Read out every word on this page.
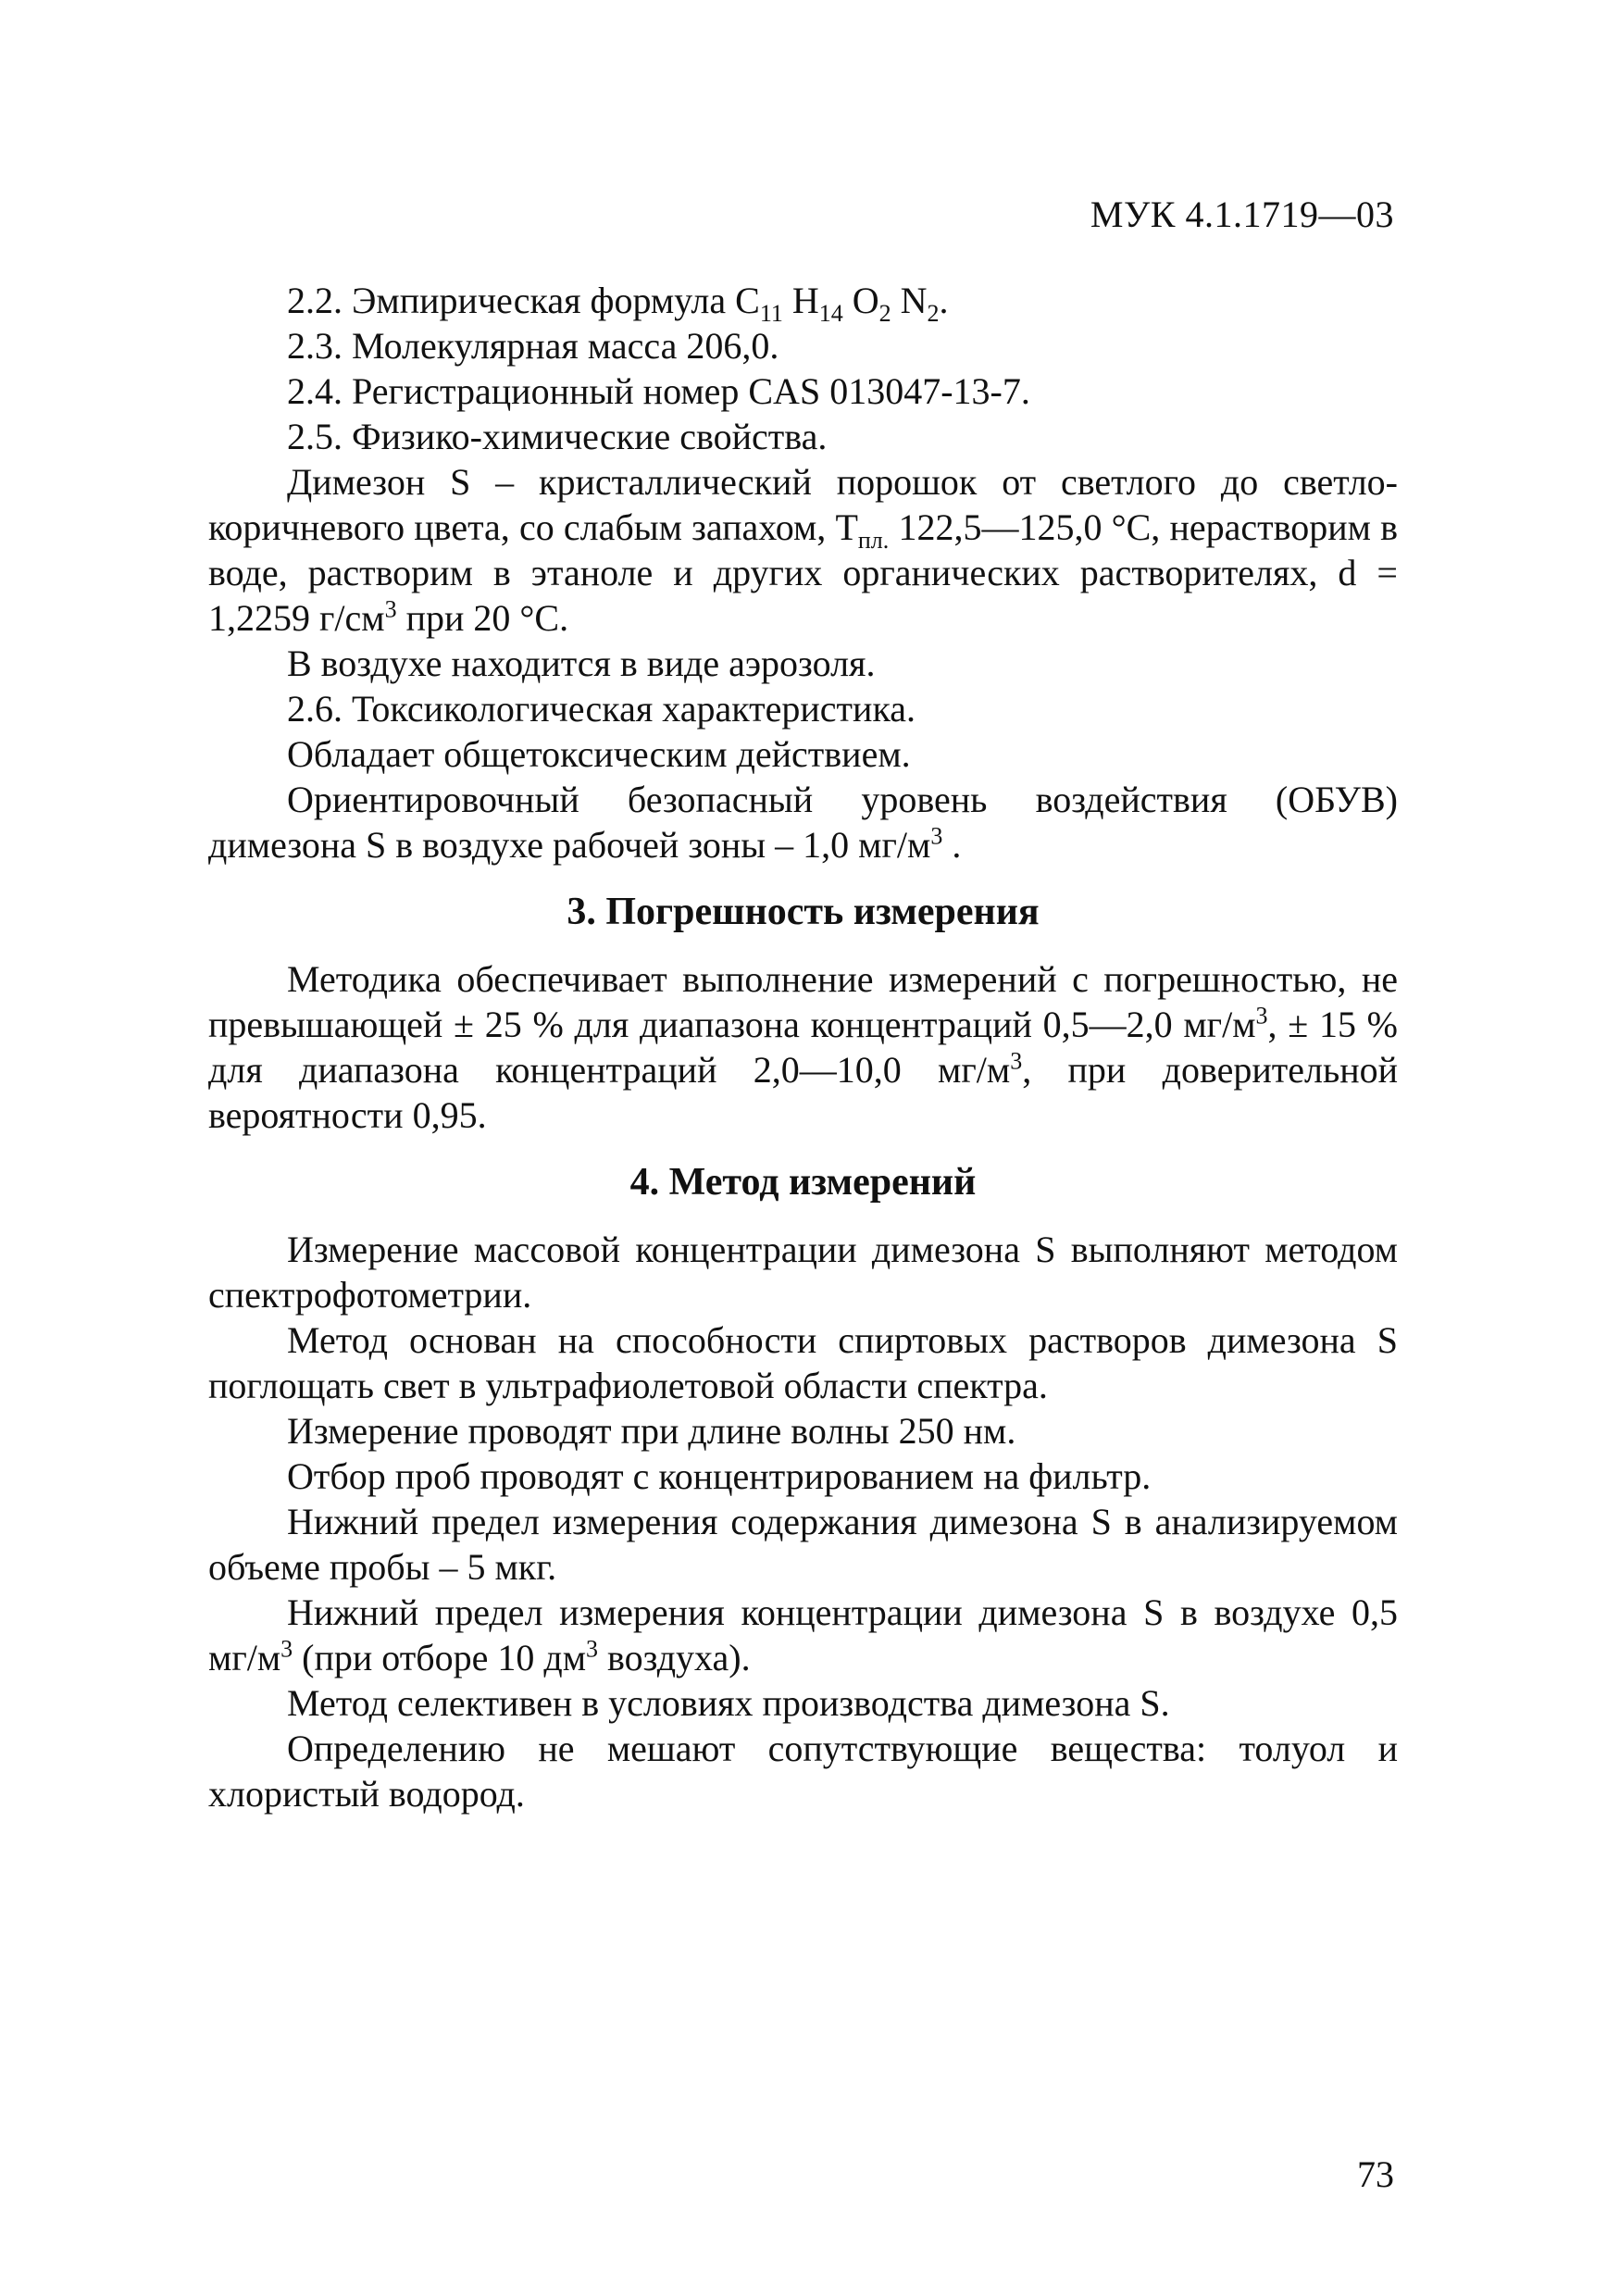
МУК 4.1.1719—03

2.2. Эмпирическая формула $C_{11}$ $H_{14}$ $O_2$ $N_2$.

2.3. Молекулярная масса 206,0.

2.4. Регистрационный номер CAS 013047-13-7.

2.5. Физико-химические свойства.

Димезон S – кристаллический порошок от светлого до светло-коричневого цвета, со слабым запахом, $T_{пл.}$ 122,5—125,0 °С, нерастворим в воде, растворим в этаноле и других органических растворителях, d = 1,2259 $г/см^3$ при 20 °С.

В воздухе находится в виде аэрозоля.

2.6. Токсикологическая характеристика.

Обладает общетоксическим действием.

Ориентировочный безопасный уровень воздействия (ОБУВ) димезона S в воздухе рабочей зоны – 1,0 $мг/м^3$ .

3. Погрешность измерения

Методика обеспечивает выполнение измерений с погрешностью, не превышающей ± 25 % для диапазона концентраций 0,5—2,0 $мг/м^3$, ± 15 % для диапазона концентраций 2,0—10,0 $мг/м^3$, при доверительной вероятности 0,95.

4. Метод измерений

Измерение массовой концентрации димезона S выполняют методом спектрофотометрии.

Метод основан на способности спиртовых растворов димезона S поглощать свет в ультрафиолетовой области спектра.

Измерение проводят при длине волны 250 нм.

Отбор проб проводят с концентрированием на фильтр.

Нижний предел измерения содержания димезона S в анализируемом объеме пробы – 5 мкг.

Нижний предел измерения концентрации димезона S в воздухе 0,5 $мг/м^3$ (при отборе 10 $дм^3$ воздуха).

Метод селективен в условиях производства димезона S.

Определению не мешают сопутствующие вещества: толуол и хлористый водород.

73
